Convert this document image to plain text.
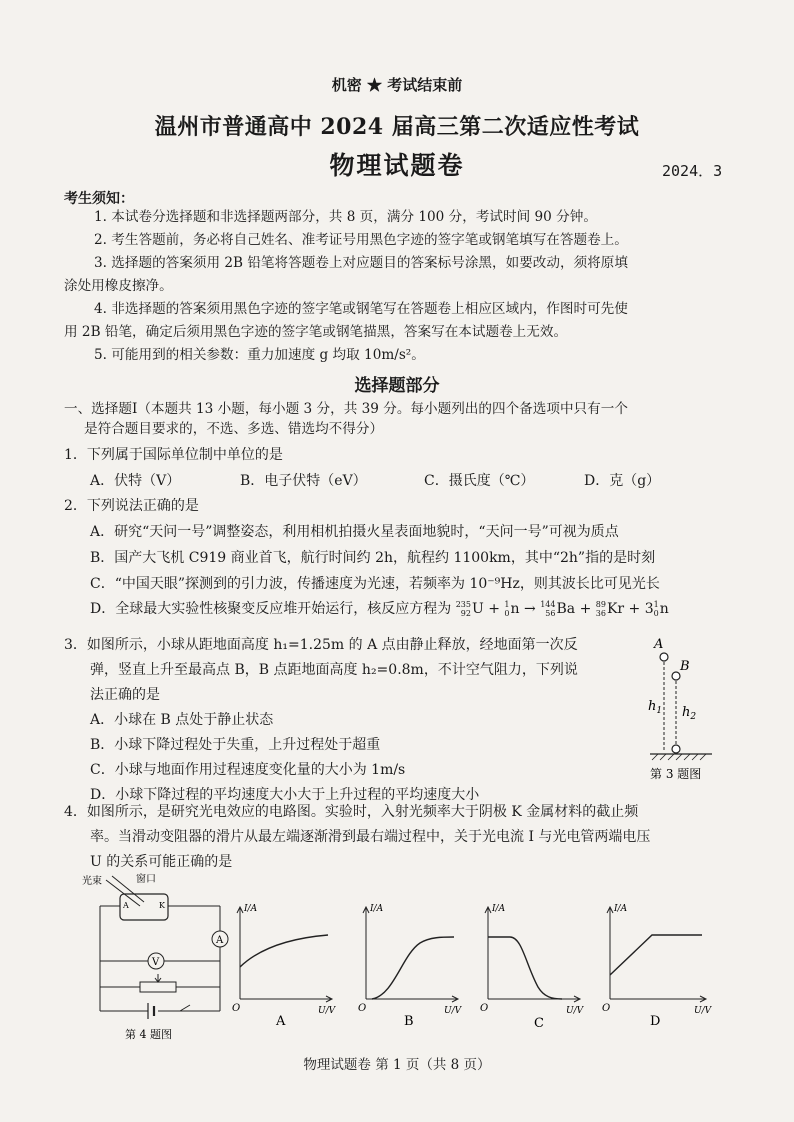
机密 ★ 考试结束前
温州市普通高中 2024 届高三第二次适应性考试
物理试题卷	2024．3
考生须知：
1. 本试卷分选择题和非选择题两部分，共 8 页，满分 100 分，考试时间 90 分钟。
2. 考生答题前，务必将自己姓名、准考证号用黑色字迹的签字笔或钢笔填写在答题卷上。
3. 选择题的答案须用 2B 铅笔将答题卷上对应题目的答案标号涂黑，如要改动，须将原填
涂处用橡皮擦净。
4. 非选择题的答案须用黑色字迹的签字笔或钢笔写在答题卷上相应区域内，作图时可先使
用 2B 铅笔，确定后须用黑色字迹的签字笔或钢笔描黑，答案写在本试题卷上无效。
5. 可能用到的相关参数：重力加速度 g 均取 10m/s²。
选择题部分
一、选择题Ⅰ（本题共 13 小题，每小题 3 分，共 39 分。每小题列出的四个备选项中只有一个
是符合题目要求的，不选、多选、错选均不得分）
1．下列属于国际单位制中单位的是
A．伏特（V）	B．电子伏特（eV）	C．摄氏度（℃）	D．克（g）
2．下列说法正确的是
A．研究“天问一号”调整姿态，利用相机拍摄火星表面地貌时，“天问一号”可视为质点
B．国产大飞机 C919 商业首飞，航行时间约 2h，航程约 1100km，其中“2h”指的是时刻
C．“中国天眼”探测到的引力波，传播速度为光速，若频率为 10⁻⁹Hz，则其波长比可见光长
D．全球最大实验性核聚变反应堆开始运行，核反应方程为 235
92U + 1
0n → 144
56Ba + 89
36Kr + 31
0n
3．如图所示，小球从距地面高度 h₁=1.25m 的 A 点由静止释放，经地面第一次反
弹，竖直上升至最高点 B，B 点距地面高度 h₂=0.8m，不计空气阻力，下列说
法正确的是
A．小球在 B 点处于静止状态
B．小球下降过程处于失重，上升过程处于超重
C．小球与地面作用过程速度变化量的大小为 1m/s
D．小球下降过程的平均速度大小大于上升过程的平均速度大小
A
B
$h_1$ $h_2$
第 3 题图
4．如图所示，是研究光电效应的电路图。实验时，入射光频率大于阴极 K 金属材料的截止频
率。当滑动变阻器的滑片从最左端逐渐滑到最右端过程中，关于光电流 I 与光电管两端电压
U 的关系可能正确的是
光束	窗口
A	K
A
V
第 4 题图
I/A
U/V
O
A
I/A
U/V
O
B
I/A
U/V
O
C
I/A
U/V
O
D
物理试题卷 第 1 页（共 8 页）
